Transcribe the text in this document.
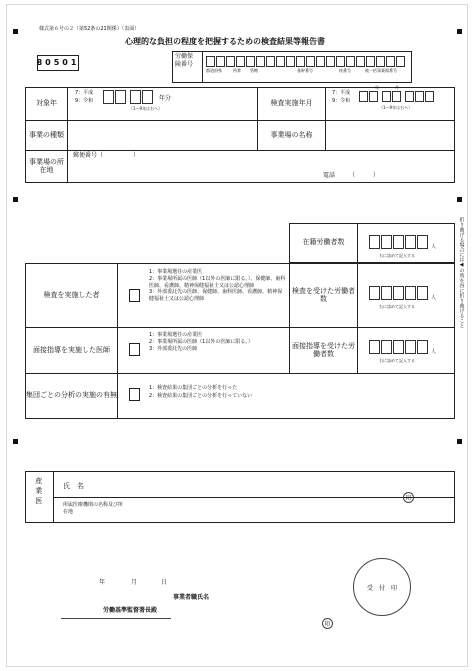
様式第６号の２（第52条の21関係）（表面）
80501
心理的な負担の程度を把握するための検査結果等報告書
労働保険番号
都道府県	所掌 管轄	基幹番号	枝番号	被一括事業場番号
対象年
7：平成
9：令和	年分
（1〜9年は右へ）
検査実施年月
7：平成
9：令和
年	月
（1〜9年は右へ）
事業の種類	事業場の名称
事業場の所在地
郵便番号（　　　　　）
電話 （　　　）
在籍労働者数
人
右に詰めて記入する
検査を実施した者
1：事業場選任の産業医
2：事業場所属の医師（1以外の医師に限る。）、保健師、歯科医師、看護師、精神保健福祉士又は公認心理師
3：外部委託先の医師、保健師、歯科医師、看護師、精神保健福祉士又は公認心理師
検査を受けた労働者数	人
右に詰めて記入する
面接指導を実施した医師
1：事業場選任の産業医
2：事業場所属の医師（1以外の医師に限る。）
3：外部委託先の医師	面接指導を受けた労働者数	人
右に詰めて記入する
集団ごとの分析の実施の有無
1：検査結果の集団ごとの分析を行った
2：検査結果の集団ごとの分析を行っていない
折り曲げる場合には◀の所を谷に折り曲げること
産業医	氏　名
所属医療機関の名称及び所在地
印
年	月	日
事業者職氏名
労働基準監督署長殿
受　付　印
印
